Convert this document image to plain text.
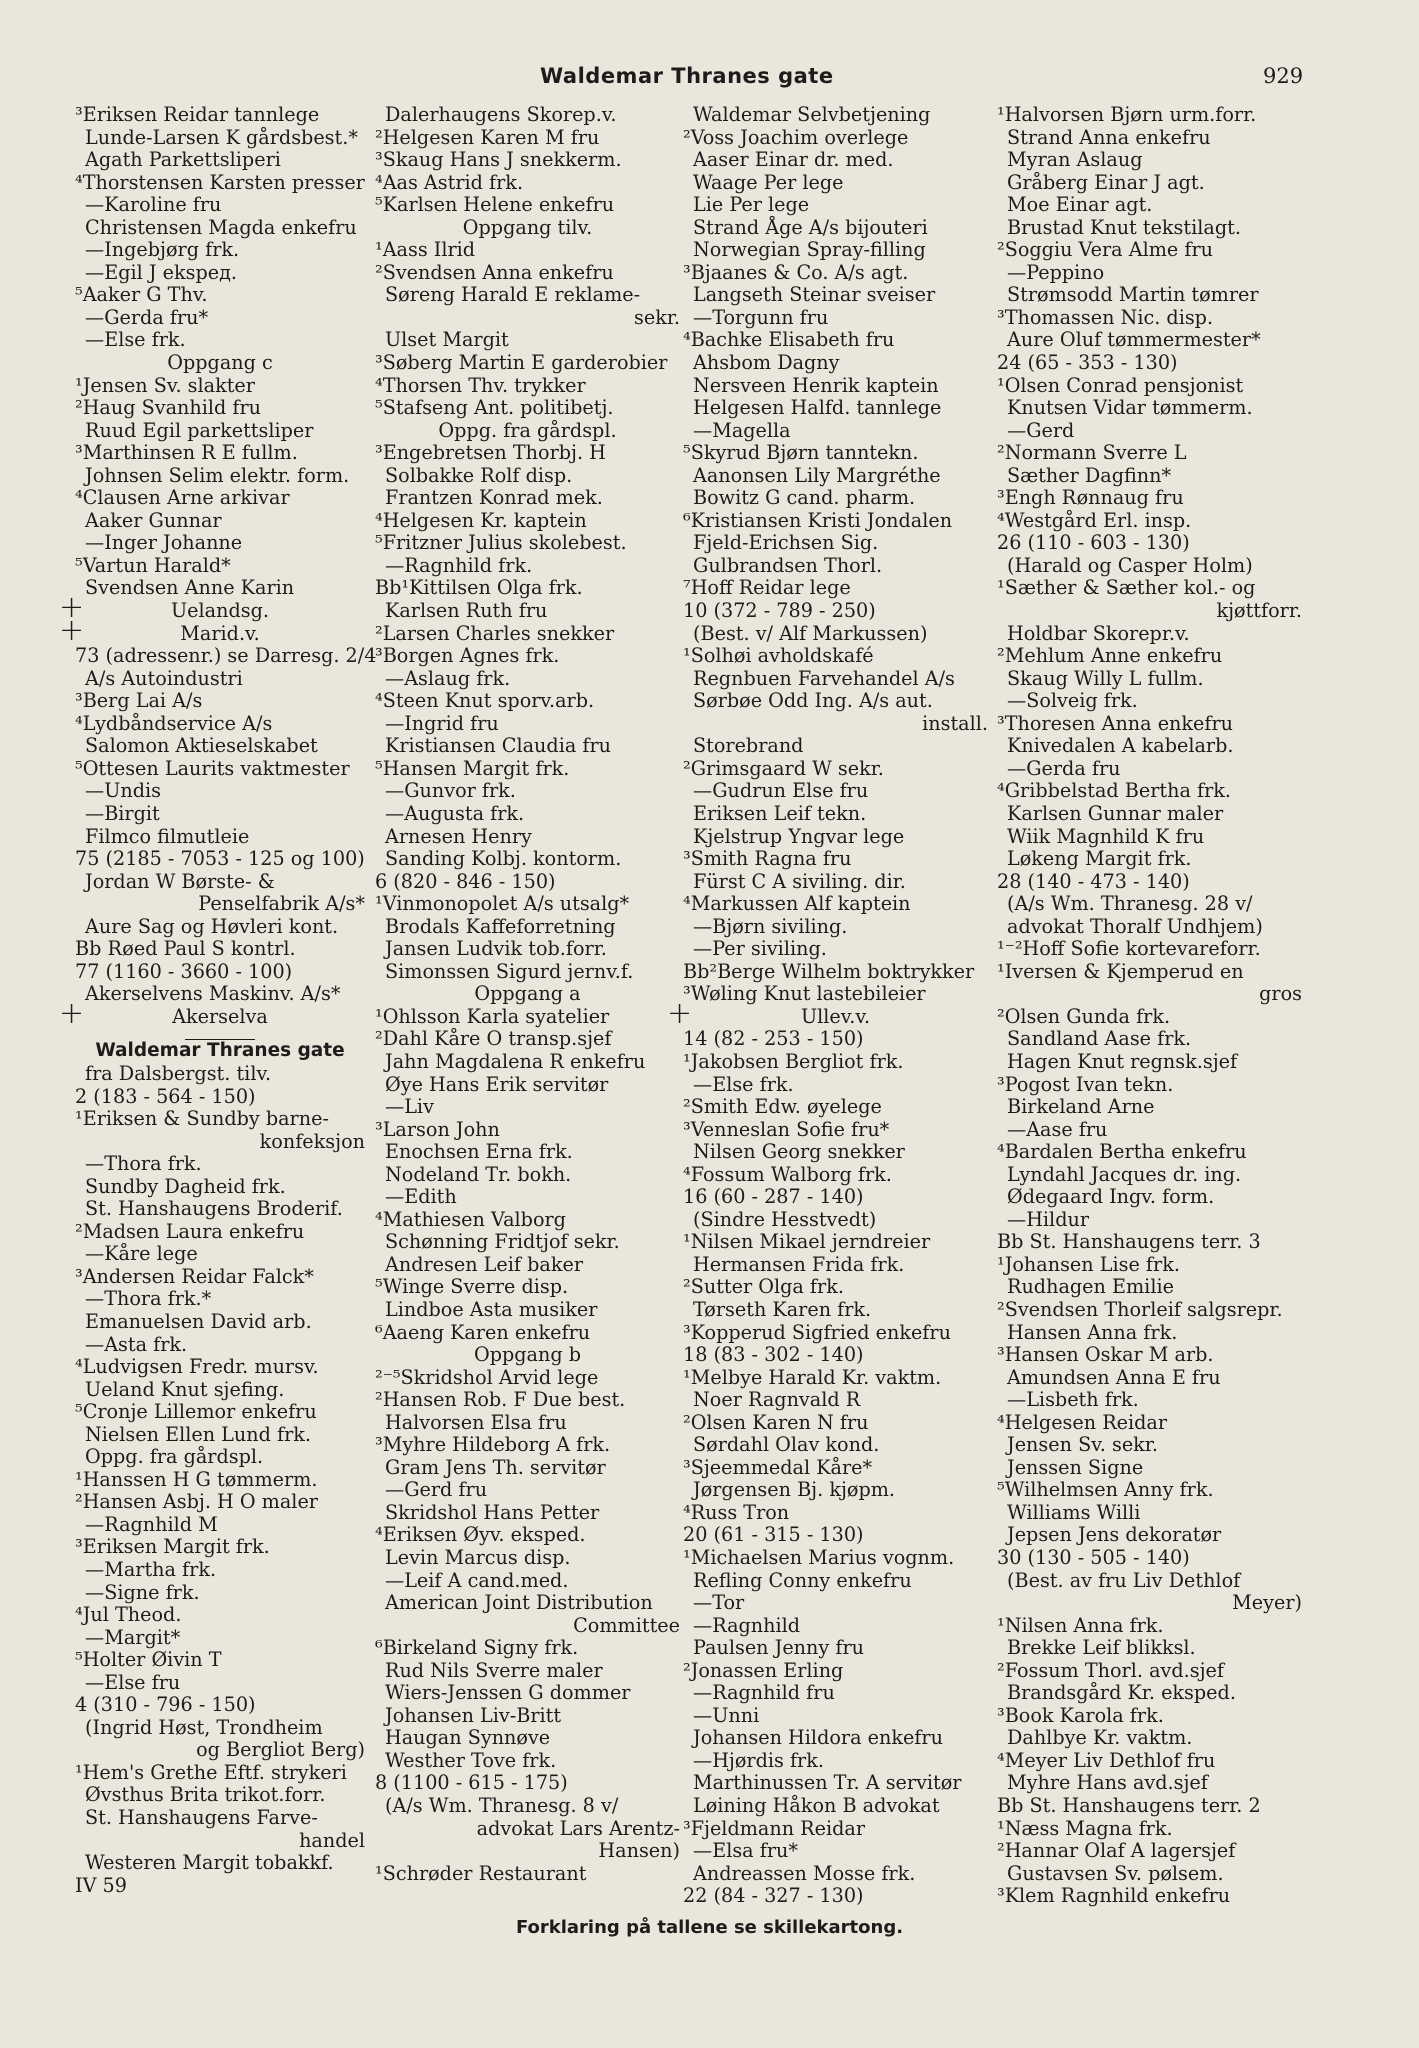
Waldemar Thranes gate	929
³Eriksen Reidar tannlege
Lunde-Larsen K gårdsbest.*
Agath Parkettsliperi
⁴Thorstensen Karsten presser
—Karoline fru
Christensen Magda enkefru
—Ingebjørg frk.
—Egil J ekspeд.
⁵Aaker G Thv.
—Gerda fru*
—Else frk.
Oppgang c
¹Jensen Sv. slakter
²Haug Svanhild fru
Ruud Egil parkettsliper
³Marthinsen R E fullm.
Johnsen Selim elektr. form.
⁴Clausen Arne arkivar
Aaker Gunnar
—Inger Johanne
⁵Vartun Harald*
Svendsen Anne Karin
+ Uelandsg.
+ Marid.v.
73 (adressenr.) se Darresg. 2/4
A/s Autoindustri
³Berg Lai A/s
⁴Lydbåndservice A/s
Salomon Aktieselskabet
⁵Ottesen Laurits vaktmester
—Undis
—Birgit
Filmco filmutleie
75 (2185 - 7053 - 125 og 100)
Jordan W Børste- &
Penselfabrik A/s*
Aure Sag og Høvleri kont.
Bb Røed Paul S kontrl.
77 (1160 - 3660 - 100)
Akerselvens Maskinv. A/s*
+ Akerselva
Waldemar Thranes gate
fra Dalsbergst. tilv.
2 (183 - 564 - 150)
¹Eriksen & Sundby barne-
konfeksjon
—Thora frk.
Sundby Dagheid frk.
St. Hanshaugens Broderif.
²Madsen Laura enkefru
—Kåre lege
³Andersen Reidar Falck*
—Thora frk.*
Emanuelsen David arb.
—Asta frk.
⁴Ludvigsen Fredr. mursv.
Ueland Knut sjefing.
⁵Cronje Lillemor enkefru
Nielsen Ellen Lund frk.
Oppg. fra gårdspl.
¹Hanssen H G tømmerm.
²Hansen Asbj. H O maler
—Ragnhild M
³Eriksen Margit frk.
—Martha frk.
—Signe frk.
⁴Jul Theod.
—Margit*
⁵Holter Øivin T
—Else fru
4 (310 - 796 - 150)
(Ingrid Høst, Trondheim
og Bergliot Berg)
¹Hem's Grethe Eftf. strykeri
Øvsthus Brita trikot.forr.
St. Hanshaugens Farve-
handel
Westeren Margit tobakkf.
IV 59
Dalerhaugens Skorep.v.
²Helgesen Karen M fru
³Skaug Hans J snekkerm.
⁴Aas Astrid frk.
⁵Karlsen Helene enkefru
Oppgang tilv.
¹Aass Ilrid
²Svendsen Anna enkefru
Søreng Harald E reklame-
sekr.
Ulset Margit
³Søberg Martin E garderobier
⁴Thorsen Thv. trykker
⁵Stafseng Ant. politibetj.
Oppg. fra gårdspl.
³Engebretsen Thorbj. H
Solbakke Rolf disp.
Frantzen Konrad mek.
⁴Helgesen Kr. kaptein
⁵Fritzner Julius skolebest.
—Ragnhild frk.
Bb¹Kittilsen Olga frk.
Karlsen Ruth fru
²Larsen Charles snekker
³Borgen Agnes frk.
—Aslaug frk.
⁴Steen Knut sporv.arb.
—Ingrid fru
Kristiansen Claudia fru
⁵Hansen Margit frk.
—Gunvor frk.
—Augusta frk.
Arnesen Henry
Sanding Kolbj. kontorm.
6 (820 - 846 - 150)
¹Vinmonopolet A/s utsalg*
Brodals Kaffeforretning
Jansen Ludvik tob.forr.
Simonssen Sigurd jernv.f.
Oppgang a
¹Ohlsson Karla syatelier
²Dahl Kåre O transp.sjef
Jahn Magdalena R enkefru
Øye Hans Erik servitør
—Liv
³Larson John
Enochsen Erna frk.
Nodeland Tr. bokh.
—Edith
⁴Mathiesen Valborg
Schønning Fridtjof sekr.
Andresen Leif baker
⁵Winge Sverre disp.
Lindboe Asta musiker
⁶Aaeng Karen enkefru
Oppgang b
²⁻⁵Skridshol Arvid lege
²Hansen Rob. F Due best.
Halvorsen Elsa fru
³Myhre Hildeborg A frk.
Gram Jens Th. servitør
—Gerd fru
Skridshol Hans Petter
⁴Eriksen Øyv. eksped.
Levin Marcus disp.
—Leif A cand.med.
American Joint Distribution
Committee
⁶Birkeland Signy frk.
Rud Nils Sverre maler
Wiers-Jenssen G dommer
Johansen Liv-Britt
Haugan Synnøve
Westher Tove frk.
8 (1100 - 615 - 175)
(A/s Wm. Thranesg. 8 v/
advokat Lars Arentz-
Hansen)
¹Schrøder Restaurant
Waldemar Selvbetjening
²Voss Joachim overlege
Aaser Einar dr. med.
Waage Per lege
Lie Per lege
Strand Åge A/s bijouteri
Norwegian Spray-filling
³Bjaanes & Co. A/s agt.
Langseth Steinar sveiser
—Torgunn fru
⁴Bachke Elisabeth fru
Ahsbom Dagny
Nersveen Henrik kaptein
Helgesen Halfd. tannlege
—Magella
⁵Skyrud Bjørn tanntekn.
Aanonsen Lily Margréthe
Bowitz G cand. pharm.
⁶Kristiansen Kristi Jondalen
Fjeld-Erichsen Sig.
Gulbrandsen Thorl.
⁷Hoff Reidar lege
10 (372 - 789 - 250)
(Best. v/ Alf Markussen)
¹Solhøi avholdskafé
Regnbuen Farvehandel A/s
Sørbøe Odd Ing. A/s aut.
install.
Storebrand
²Grimsgaard W sekr.
—Gudrun Else fru
Eriksen Leif tekn.
Kjelstrup Yngvar lege
³Smith Ragna fru
Fürst C A siviling. dir.
⁴Markussen Alf kaptein
—Bjørn siviling.
—Per siviling.
Bb²Berge Wilhelm boktrykker
³Wøling Knut lastebileier
+ Ullev.v.
14 (82 - 253 - 150)
¹Jakobsen Bergliot frk.
—Else frk.
²Smith Edw. øyelege
³Venneslan Sofie fru*
Nilsen Georg snekker
⁴Fossum Walborg frk.
16 (60 - 287 - 140)
(Sindre Hesstvedt)
¹Nilsen Mikael jerndreier
Hermansen Frida frk.
²Sutter Olga frk.
Tørseth Karen frk.
³Kopperud Sigfried enkefru
18 (83 - 302 - 140)
¹Melbye Harald Kr. vaktm.
Noer Ragnvald R
²Olsen Karen N fru
Sørdahl Olav kond.
³Sjeemmedal Kåre*
Jørgensen Bj. kjøpm.
⁴Russ Tron
20 (61 - 315 - 130)
¹Michaelsen Marius vognm.
Refling Conny enkefru
—Tor
—Ragnhild
Paulsen Jenny fru
²Jonassen Erling
—Ragnhild fru
—Unni
Johansen Hildora enkefru
—Hjørdis frk.
Marthinussen Tr. A servitør
Løining Håkon B advokat
³Fjeldmann Reidar
—Elsa fru*
Andreassen Mosse frk.
22 (84 - 327 - 130)
¹Halvorsen Bjørn urm.forr.
Strand Anna enkefru
Myran Aslaug
Gråberg Einar J agt.
Moe Einar agt.
Brustad Knut tekstilagt.
²Soggiu Vera Alme fru
—Peppino
Strømsodd Martin tømrer
³Thomassen Nic. disp.
Aure Oluf tømmermester*
24 (65 - 353 - 130)
¹Olsen Conrad pensjonist
Knutsen Vidar tømmerm.
—Gerd
²Normann Sverre L
Sæther Dagfinn*
³Engh Rønnaug fru
⁴Westgård Erl. insp.
26 (110 - 603 - 130)
(Harald og Casper Holm)
¹Sæther & Sæther kol.- og
kjøttforr.
Holdbar Skorepr.v.
²Mehlum Anne enkefru
Skaug Willy L fullm.
—Solveig frk.
³Thoresen Anna enkefru
Knivedalen A kabelarb.
—Gerda fru
⁴Gribbelstad Bertha frk.
Karlsen Gunnar maler
Wiik Magnhild K fru
Løkeng Margit frk.
28 (140 - 473 - 140)
(A/s Wm. Thranesg. 28 v/
advokat Thoralf Undhjem)
¹⁻²Hoff Sofie kortevareforr.
¹Iversen & Kjemperud en
gros
²Olsen Gunda frk.
Sandland Aase frk.
Hagen Knut regnsk.sjef
³Pogost Ivan tekn.
Birkeland Arne
—Aase fru
⁴Bardalen Bertha enkefru
Lyndahl Jacques dr. ing.
Ødegaard Ingv. form.
—Hildur
Bb St. Hanshaugens terr. 3
¹Johansen Lise frk.
Rudhagen Emilie
²Svendsen Thorleif salgsrepr.
Hansen Anna frk.
³Hansen Oskar M arb.
Amundsen Anna E fru
—Lisbeth frk.
⁴Helgesen Reidar
Jensen Sv. sekr.
Jenssen Signe
⁵Wilhelmsen Anny frk.
Williams Willi
Jepsen Jens dekoratør
30 (130 - 505 - 140)
(Best. av fru Liv Dethlof
Meyer)
¹Nilsen Anna frk.
Brekke Leif blikksl.
²Fossum Thorl. avd.sjef
Brandsgård Kr. eksped.
³Book Karola frk.
Dahlbye Kr. vaktm.
⁴Meyer Liv Dethlof fru
Myhre Hans avd.sjef
Bb St. Hanshaugens terr. 2
¹Næss Magna frk.
²Hannar Olaf A lagersjef
Gustavsen Sv. pølsem.
³Klem Ragnhild enkefru
Forklaring på tallene se skillekartong.
